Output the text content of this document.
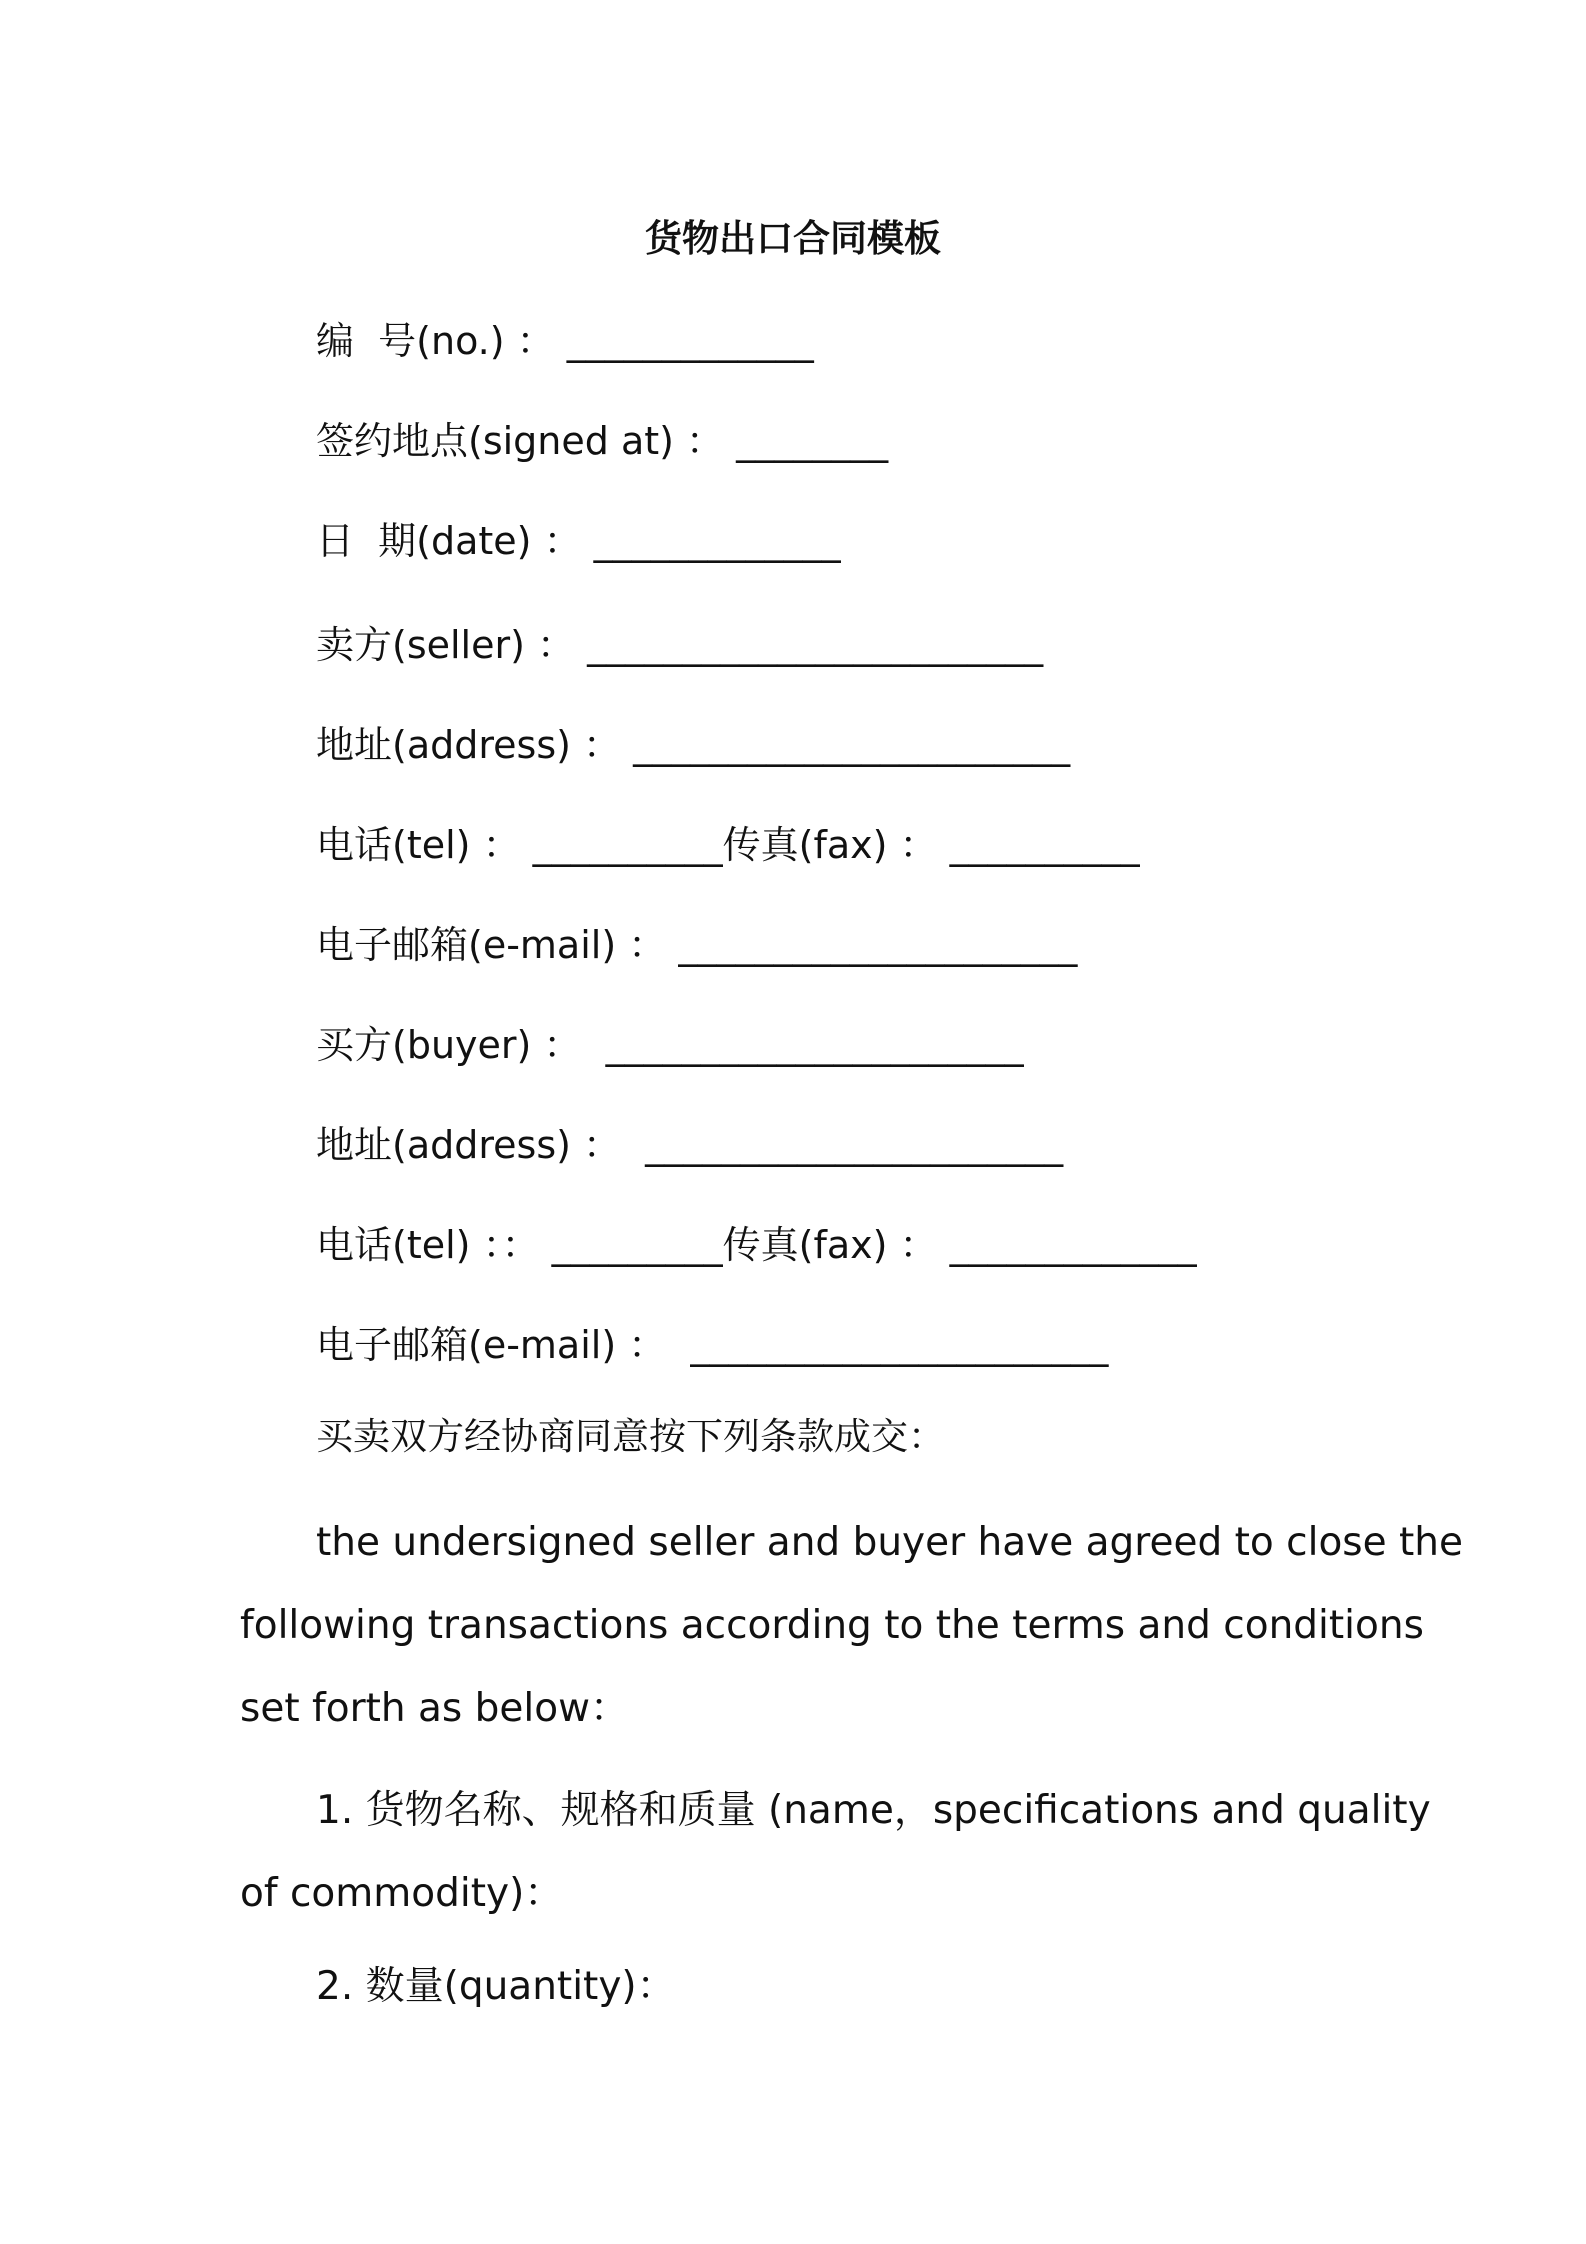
货物出口合同模板
编  号(no.) ： _____________
签约地点(signed at) ： ________
日  期(date) ： _____________
卖方(seller) ： ________________________
地址(address) ： _______________________
电话(tel) ： __________传真(fax) ： __________
电子邮箱(e-mail) ： _____________________
买方(buyer) ：  ______________________
地址(address) ：  ______________________
电话(tel) ：： _________传真(fax) ： _____________
电子邮箱(e-mail) ：  ______________________
买卖双方经协商同意按下列条款成交：
the undersigned seller and buyer have agreed to close the
following transactions according to the terms and conditions
set forth as below：
1. 货物名称、规格和质量 (name，specifications and quality
of commodity)：
2. 数量(quantity)：
